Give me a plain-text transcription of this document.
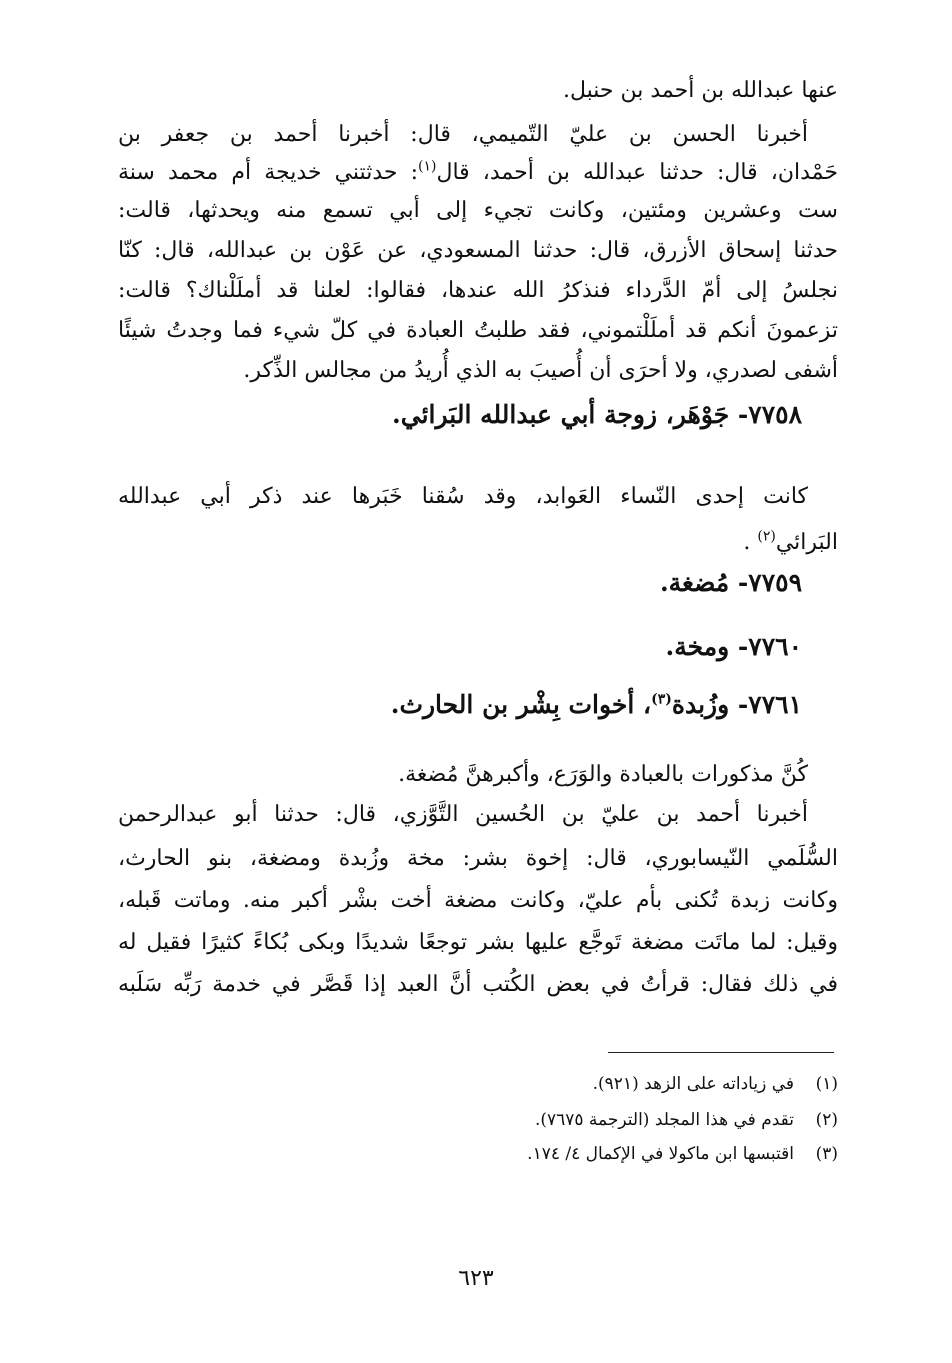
عنها عبدالله بن أحمد بن حنبل.
أخبرنا الحسن بن عليّ التّميمي، قال: أخبرنا أحمد بن جعفر بن
حَمْدان، قال: حدثنا عبدالله بن أحمد، قال$^{(١)}$: حدثتني خديجة أم محمد سنة
ست وعشرين ومئتين، وكانت تجيء إلى أبي تسمع منه ويحدثها، قالت:
حدثنا إسحاق الأزرق، قال: حدثنا المسعودي، عن عَوْن بن عبدالله، قال: كنّا
نجلسُ إلى أمّ الدَّرداء فنذكرُ الله عندها، فقالوا: لعلنا قد أملَلْناك؟ قالت:
تزعمونَ أنكم قد أملَلْتموني، فقد طلبتُ العبادة في كلّ شيء فما وجدتُ شيئًا
أشفى لصدري، ولا أحرَى أن أُصيبَ به الذي أُريدُ من مجالس الذِّكر.
٧٧٥٨- جَوْهَر، زوجة أبي عبدالله البَرائي.
كانت إحدى النّساء العَوابد، وقد سُقنا خَبَرها عند ذكر أبي عبدالله
البَرائي$^{(٢)}$ .
٧٧٥٩- مُضغة.
٧٧٦٠- ومخة.
٧٧٦١- وزُبدة$^{(٣)}$، أخوات بِشْر بن الحارث.
كُنَّ مذكورات بالعبادة والوَرَع، وأكبرهنَّ مُضغة.
أخبرنا أحمد بن عليّ بن الحُسين التَّوَّزي، قال: حدثنا أبو عبدالرحمن
السُّلَمي النّيسابوري، قال: إخوة بشر: مخة وزُبدة ومضغة، بنو الحارث،
وكانت زبدة تُكنى بأم عليّ، وكانت مضغة أخت بشْر أكبر منه. وماتت قَبله،
وقيل: لما ماتَت مضغة تَوجَّع عليها بشر توجعًا شديدًا وبكى بُكاءً كثيرًا فقيل له
في ذلك فقال: قرأتُ في بعض الكُتب أنَّ العبد إذا قَصَّر في خدمة رَبِّه سَلَبه
(١)في زياداته على الزهد (٩٢١).
(٢)تقدم في هذا المجلد (الترجمة ٧٦٧٥).
(٣)اقتبسها ابن ماكولا في الإكمال ٤/ ١٧٤.
٦٢٣
